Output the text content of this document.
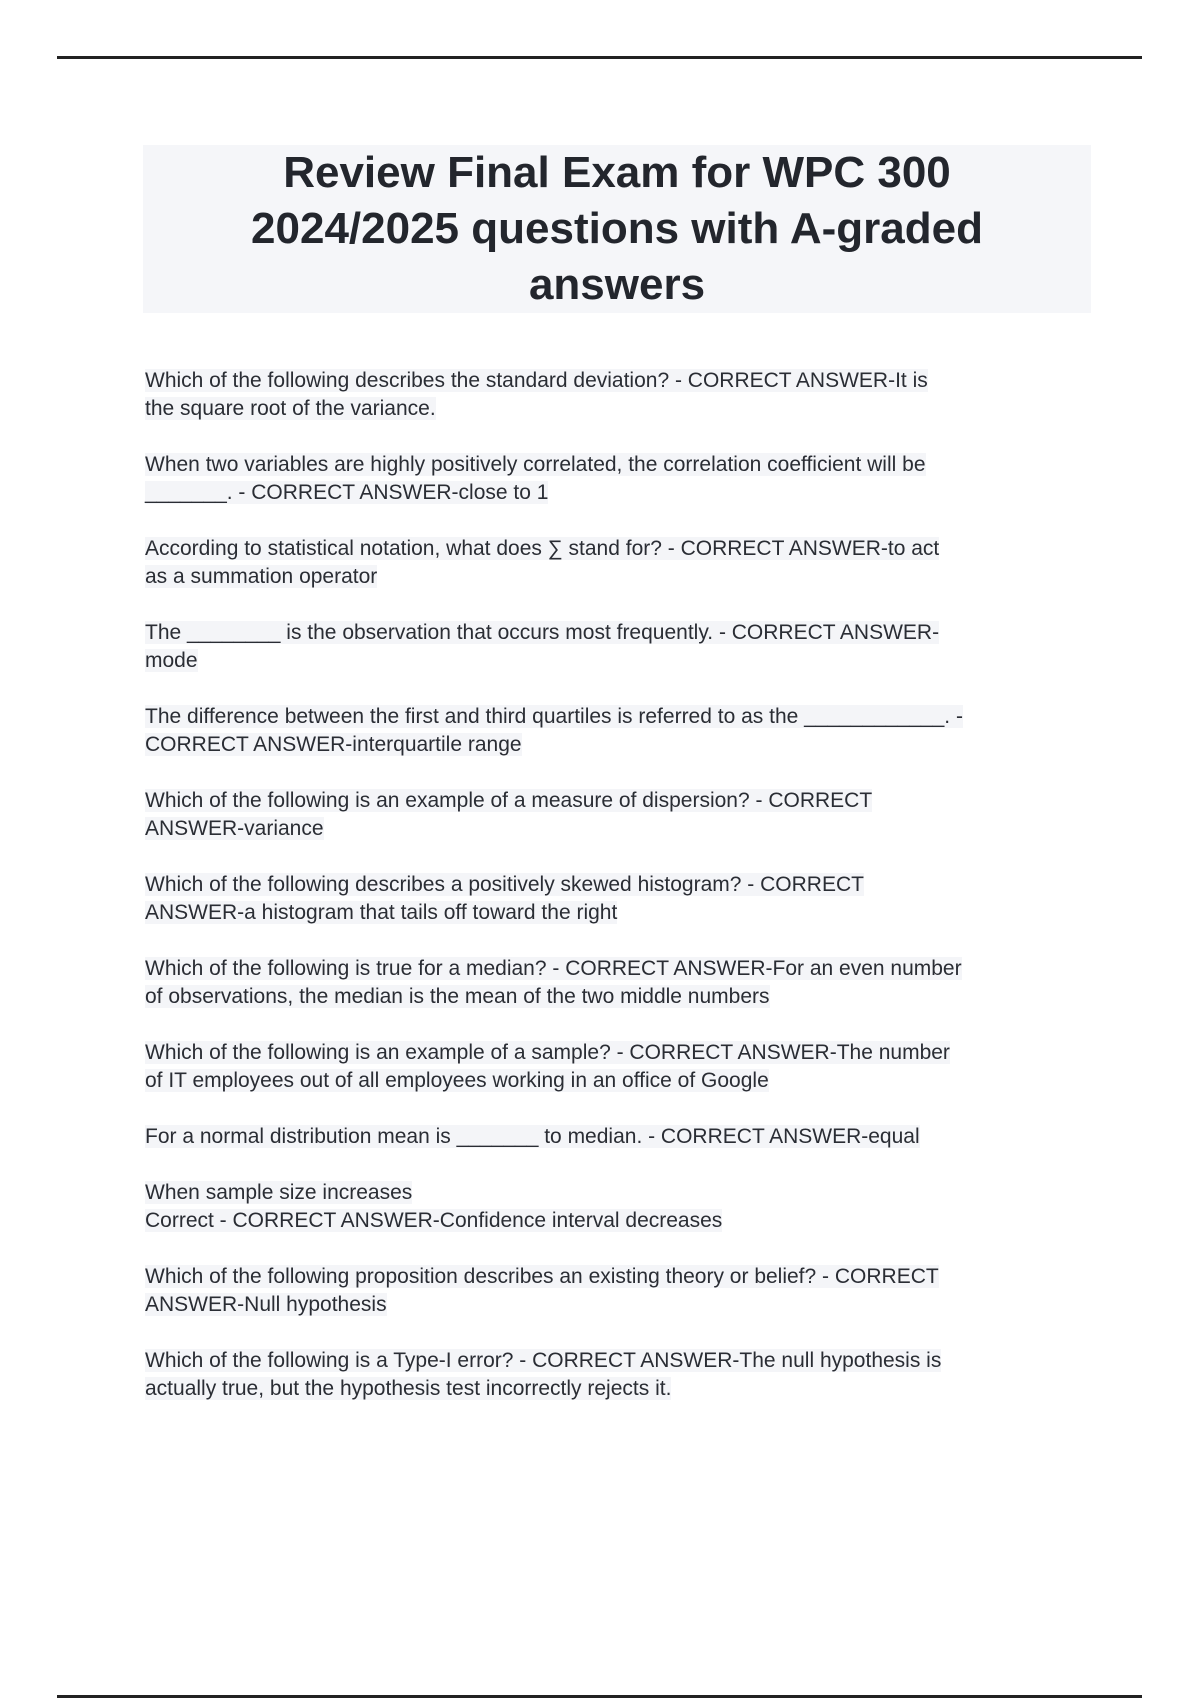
Review Final Exam for WPC 300
2024/2025 questions with A-graded
answers

Which of the following describes the standard deviation? - CORRECT ANSWER-It is
the square root of the variance.

When two variables are highly positively correlated, the correlation coefficient will be
_______. - CORRECT ANSWER-close to 1

According to statistical notation, what does ∑ stand for? - CORRECT ANSWER-to act
as a summation operator

The ________ is the observation that occurs most frequently. - CORRECT ANSWER-
mode

The difference between the first and third quartiles is referred to as the ____________. -
CORRECT ANSWER-interquartile range

Which of the following is an example of a measure of dispersion? - CORRECT
ANSWER-variance

Which of the following describes a positively skewed histogram? - CORRECT
ANSWER-a histogram that tails off toward the right

Which of the following is true for a median? - CORRECT ANSWER-For an even number
of observations, the median is the mean of the two middle numbers

Which of the following is an example of a sample? - CORRECT ANSWER-The number
of IT employees out of all employees working in an office of Google

For a normal distribution mean is _______ to median. - CORRECT ANSWER-equal

When sample size increases
Correct - CORRECT ANSWER-Confidence interval decreases

Which of the following proposition describes an existing theory or belief? - CORRECT
ANSWER-Null hypothesis

Which of the following is a Type-I error? - CORRECT ANSWER-The null hypothesis is
actually true, but the hypothesis test incorrectly rejects it.
